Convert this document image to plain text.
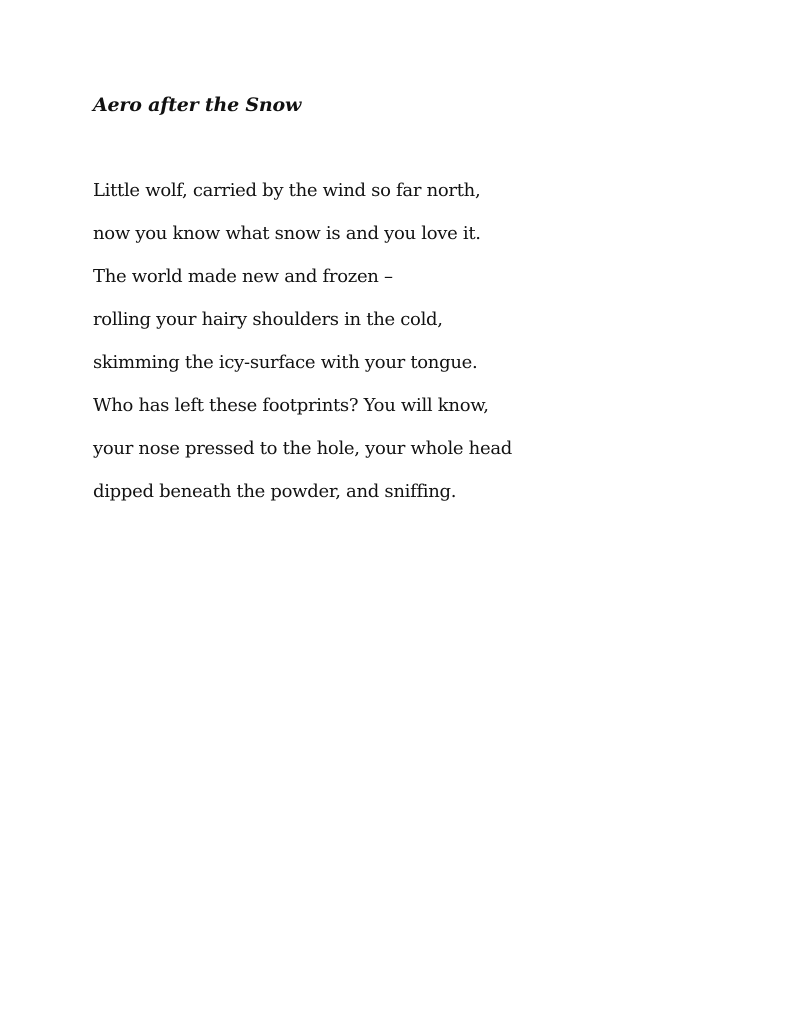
Aero after the Snow
Little wolf, carried by the wind so far north,
now you know what snow is and you love it.
The world made new and frozen –
rolling your hairy shoulders in the cold,
skimming the icy-surface with your tongue.
Who has left these footprints? You will know,
your nose pressed to the hole, your whole head
dipped beneath the powder, and sniffing.
